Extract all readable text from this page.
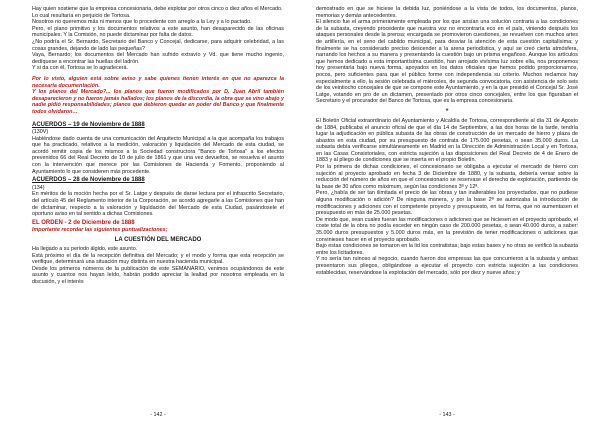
Hay quien sostiene que la empresa concesionaria, debe explotar por otros cinco o diez años el Mercado.

Lo cual resultaría en perjuicio de Tortosa.

Nosotros no queremos más ni menos que lo procedente con arreglo a la Ley y a lo pactado.

Pero, el plano primitivo y los documentos relativos a este asunto, han desaparecido de las oficinas municipales. Y la Comisión, no puede dictaminar por falta de datos.

¿No podría el Sr. Bernardo, Secretario del Banco y Concejal, dedicarse, para adquirir celebridad, a las cosas grandes, dejando de lado las pequeñas?

Vaya, Bernardo; los documentos del Mercado han sufrido extravío y Vd. que tiene mucho ingenio, dedíquese a encontrar las huellas del ladrón.

Y si da con él, Tortosa se lo agradecerá.

Por lo visto, alguien está sobre aviso y sabe quienes tienen interés en que no aparezca la necesaria documentación.

Y los planos del Mercado?... los planos que fueron modificados por D. Juan Abril también desaparecieron y no fueron jamás hallados; los planos de la discordia, la obra que se vino abajo y nadie pidió responsabilidades; planos que debieron quedar en poder del Banco y que finalmente todos olvidaron…

ACUERDOS – 19 de Noviembre de 1888

(130V)

Habiéndose dado cuenta de una comunicación del Arquitecto Municipal a la que acompaña los trabajos que ha practicado, relativos a la medición, valoración y liquidación del Mercado de esta ciudad, se acordó remitir copia de los mismos a la Sociedad constructora "Banco de Tortosa" a los efectos prevenidos 66 del Real Decreto de 10 de julio de 1861 y que una vez devueltos, se resuelva el asunto con la intervención que merece por las Comisiones de Hacienda y Fomento, proponiendo al Ayuntamiento lo que consideren más procedente.

ACUERDOS – 28 de Noviembre de 1888

(134)

En méritos de la moción hecha por el Sr. Latge y después de darse lectura por el infrascrito Secretario, del artículo 45 del Reglamento interior de la Corporación, se acordó agregarle a las Comisiones que han de dictaminar, respecto a la valoración y liquidación del Mercado de esta Ciudad, pasándosele el oportuno aviso en tal sentido a dichas Comisiones.

EL ORDEN - 2 de Diciembre de 1888

Importante recordar las siguientes puntualizaciones;

LA CUESTIÓN DEL MERCADO

Ha llegado a su periodo álgido, este asunto.

Está próximo el día de la recepción definitiva del Mercado; y el modo y forma que esta recepción se verifique, determinará una situación muy distinta en nuestra hacienda municipal.

Desde los primeros números de la publicación de este SEMANARIO, venimos ocupándonos de este asunto y cuantos nos hayan leído, habrán podido apreciar la lealtad por nosotros empleada en la discusión, y el interés

- 142 -

demostrado en que se hiciese la debida luz, poniéndose a la vista de todos, los documentos, planos, memorias y demás antecedentes.

El silencio fue el arma primeramente empleada por los que ansían una solución contraria a las condiciones de la subasta, creyendo procedente que nuestra voz no encontraría eco en el país, viniendo después los ataques personales desde la prensa; encargada se promovieron cuestiones, se revuelven con muchos artes de artillería, en el seno del cabildo municipal, para desviar la atención de esta cuestión capitalísima; y finalmente se ha considerado preciso descender a la arena periodística, y aquí se creó cierta atmósfera, narrando los hechos a su manera y presentando la cuestión bajo un prisma engañoso. Aunque los artículos que hemos dedicado a esta importantísima cuestión, han arrojado vivísima luz sobre ella, nos proponemos hoy presentarla bajo nueva forma, apoyados en los datos oficiales que hemos podido proporcionarnos, pocos, pero suficientes para que el público forme con independencia su criterio. Muchos reclamos hay especialmente a ello, la sesión celebrada el miércoles, de segunda convocatoria, con asistencia de solo seis de los veintiocho concejales de que se compone este Ayuntamiento, y en la que presidió el Concejal Sr. José Latge, votando en pro de un dictamen, presentado por otros cinco concejales, entre los que figuraban el Secretario y el procurador del Banco de Tortosa, que es la empresa concesionaria.

*

El Boletín Oficial extraordinario del Ayuntamiento y Alcaldía de Tortosa, correspondiente al día 31 de Agosto de 1884, publicaba el anuncio oficial de que el día 14 de Septiembre, a las dos horas de la tarde, tendría lugar la adjudicación en pública subasta de las obras de construcción de un mercado de hierro y plaza de abastos en esta ciudad, por su presupuesto de contrata de 175.000 pesetas, o sean 35.000 duros. La subasta debía verificarse simultáneamente en Madrid en la Dirección de Administración Local y en Tortosa, en las Casas Consistoriales, con estricta sujeción a las disposiciones del Real Decreto de 4 de Enero de 1883 y al pliego de condiciones que se inserta en el propio Boletín.

Por la primera de dichas condiciones, el concesionario se obligaba a ejecutar el mercado de hierro con sujeción al proyecto aprobado en fecha 3 de Diciembre de 1880, y la subasta, debería versar sobre la reducción del número de años en que el concesionario se reservase el derecho de explotación, partiendo de la base de 30 años como máximum, según las condiciones 3ª y 12ª.

Pero, ¿había de ser tan ilimitada el precio de las obras y tan inalterables los proyectados, que no pudiese alguna modificación o adición? De ninguna manera, y por la base 2ª se autorizaba la introducción de modificaciones y adiciones con el competente proyecto y presupuesto, en tal forma, que no aumentasen el presupuesto en más de 25.000 pesetas.

De modo que, sean cuales fueran las modificaciones o adiciones que se hiciesen en el proyecto aprobado, el coste total de la obra no podía exceder en ningún caso de 200.000 pesetas, o sean 40.000 duros, a saber: 35.000 duros presupuestos y 5.000 duros más, en la previsión de tener modificaciones o adiciones que convinieses hacer en el proyecto aprobado.

Bajo estas condiciones se tomaron en la lid los contratistas; bajo estas bases y no otras se verificó la subasta entre los licitadores.

Y no sería tan ruinoso al negocio, cuando fueron dos empresas las que concurrieron a la subasta y ambas presentaron sus pliegos, obligándose a ejecutar el proyecto con estricta sujeción a las condiciones establecidas, reservándose la explotación del mercado, sólo por diez y nueve años; y

- 143 -
